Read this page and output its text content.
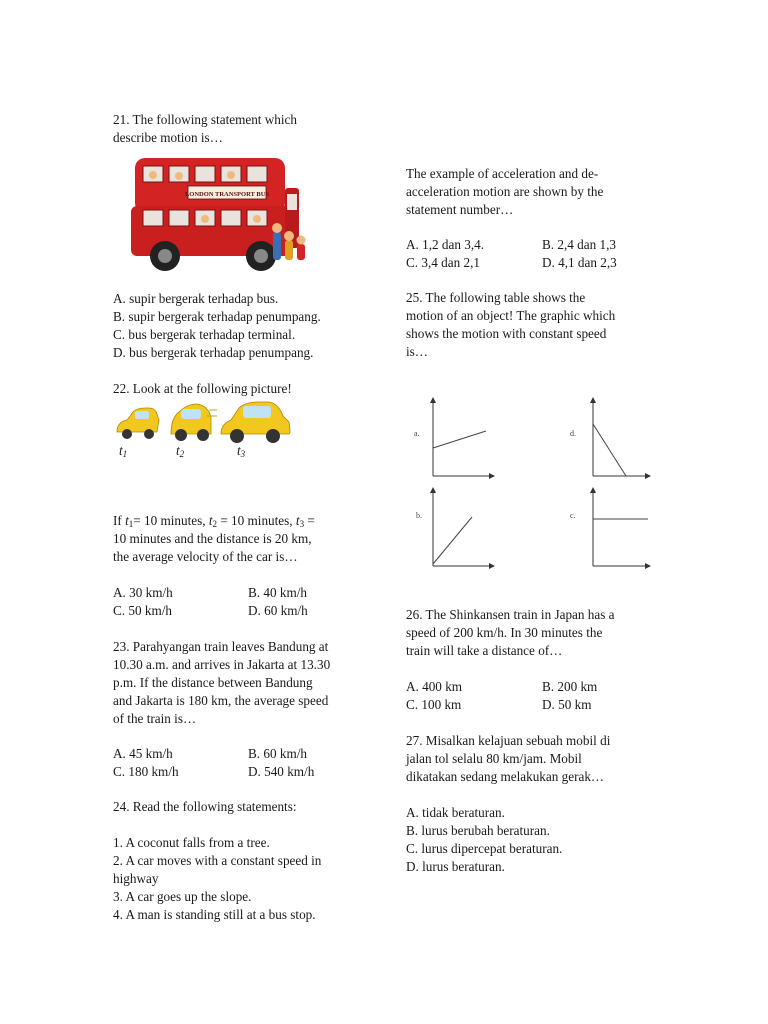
21. The following statement which
describe motion is…
LONDON TRANSPORT BUS
A. supir bergerak terhadap bus.
B. supir bergerak terhadap penumpang.
C. bus bergerak terhadap terminal.
D. bus bergerak terhadap penumpang.
22. Look at the following picture!
$t_1$	$t_2$	$t_3$
If $t_1= 10$ minutes, $t_2 = 10$ minutes, $t_3$ =
10 minutes and the distance is 20 km,
the average velocity of the car is…
A. 30 km/h	B. 40 km/h
C. 50 km/h	D. 60 km/h
23. Parahyangan train leaves Bandung at
10.30 a.m. and arrives in Jakarta at 13.30
p.m. If the distance between Bandung
and Jakarta is 180 km, the average speed
of the train is…
A. 45 km/h	B. 60 km/h
C. 180 km/h	D. 540 km/h
24. Read the following statements:
1. A coconut falls from a tree.
2. A car moves with a constant speed in
highway
3. A car goes up the slope.
4. A man is standing still at a bus stop.
The example of acceleration and de-
acceleration motion are shown by the
statement number…
A. 1,2 dan 3,4.	B. 2,4 dan 1,3
C. 3,4 dan 2,1	D. 4,1 dan 2,3
25. The following table shows the
motion of an object! The graphic which
shows the motion with constant speed
is…
a.	d.
b.	c.
26. The Shinkansen train in Japan has a
speed of 200 km/h. In 30 minutes the
train will take a distance of…
A. 400 km	B. 200 km
C. 100 km	D. 50 km
27. Misalkan kelajuan sebuah mobil di
jalan tol selalu 80 km/jam. Mobil
dikatakan sedang melakukan gerak…
A. tidak beraturan.
B. lurus berubah beraturan.
C. lurus dipercepat beraturan.
D. lurus beraturan.
